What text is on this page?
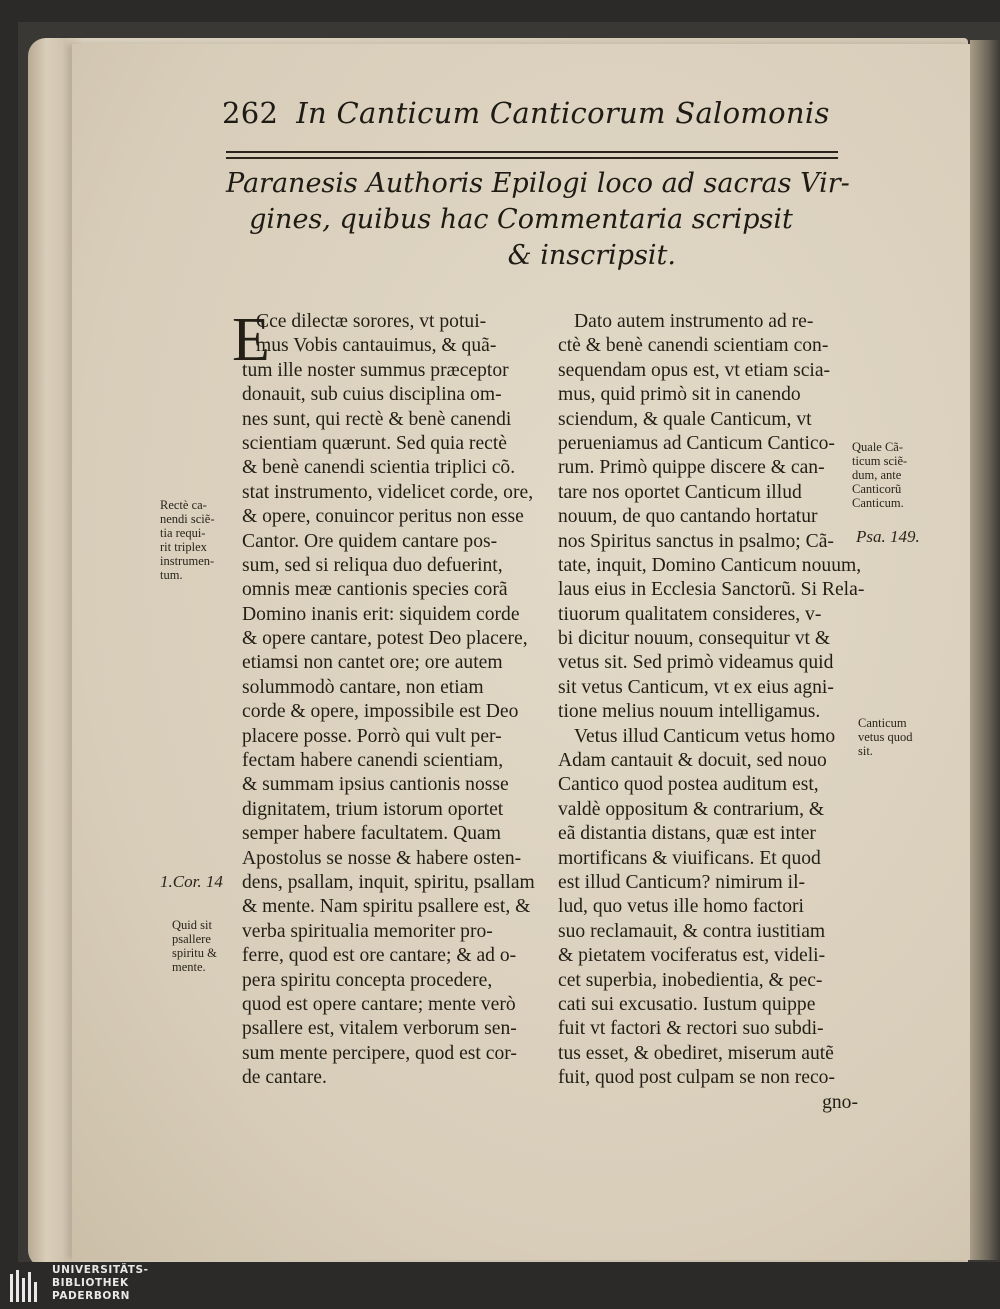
262 In Canticum Canticorum Salomonis
Paranesis Authoris Epilogi loco ad sacras Vir-
gines, quibus hac Commentaria scripsit
& inscripsit.
E
Cce dilectæ sorores, vt potui-
mus Vobis cantauimus, & quã-
tum ille noster summus præceptor
donauit, sub cuius disciplina om-
nes sunt, qui rectè & benè canendi
scientiam quærunt. Sed quia rectè
& benè canendi scientia triplici cõ.
stat instrumento, videlicet corde, ore,
& opere, conuincor peritus non esse
Cantor. Ore quidem cantare pos-
sum, sed si reliqua duo defuerint,
omnis meæ cantionis species corã
Domino inanis erit: siquidem corde
& opere cantare, potest Deo placere,
etiamsi non cantet ore; ore autem
solummodò cantare, non etiam
corde & opere, impossibile est Deo
placere posse. Porrò qui vult per-
fectam habere canendi scientiam,
& summam ipsius cantionis nosse
dignitatem, trium istorum oportet
semper habere facultatem. Quam
Apostolus se nosse & habere osten-
dens, psallam, inquit, spiritu, psallam
& mente. Nam spiritu psallere est, &
verba spiritualia memoriter pro-
ferre, quod est ore cantare; & ad o-
pera spiritu concepta procedere,
quod est opere cantare; mente verò
psallere est, vitalem verborum sen-
sum mente percipere, quod est cor-
de cantare.
Dato autem instrumento ad re-
ctè & benè canendi scientiam con-
sequendam opus est, vt etiam scia-
mus, quid primò sit in canendo
sciendum, & quale Canticum, vt
perueniamus ad Canticum Cantico-
rum. Primò quippe discere & can-
tare nos oportet Canticum illud
nouum, de quo cantando hortatur
nos Spiritus sanctus in psalmo; Cã-
tate, inquit, Domino Canticum nouum,
laus eius in Ecclesia Sanctorũ. Si Rela-
tiuorum qualitatem consideres, v-
bi dicitur nouum, consequitur vt &
vetus sit. Sed primò videamus quid
sit vetus Canticum, vt ex eius agni-
tione melius nouum intelligamus.
Vetus illud Canticum vetus homo
Adam cantauit & docuit, sed nouo
Cantico quod postea auditum est,
valdè oppositum & contrarium, &
eã distantia distans, quæ est inter
mortificans & viuificans. Et quod
est illud Canticum? nimirum il-
lud, quo vetus ille homo factori
suo reclamauit, & contra iustitiam
& pietatem vociferatus est, videli-
cet superbia, inobedientia, & pec-
cati sui excusatio. Iustum quippe
fuit vt factori & rectori suo subdi-
tus esset, & obediret, miserum autẽ
fuit, quod post culpam se non reco-
gno-
Rectè ca-
nendi sciẽ-
tia requi-
rit triplex
instrumen-
tum.
1.Cor. 14
Quid sit
psallere
spiritu &
mente.
Quale Cã-
ticum sciẽ-
dum, ante
Canticorũ
Canticum.
Psa. 149.
Canticum
vetus quod
sit.
UNIVERSITÄTS-
BIBLIOTHEK
PADERBORN
